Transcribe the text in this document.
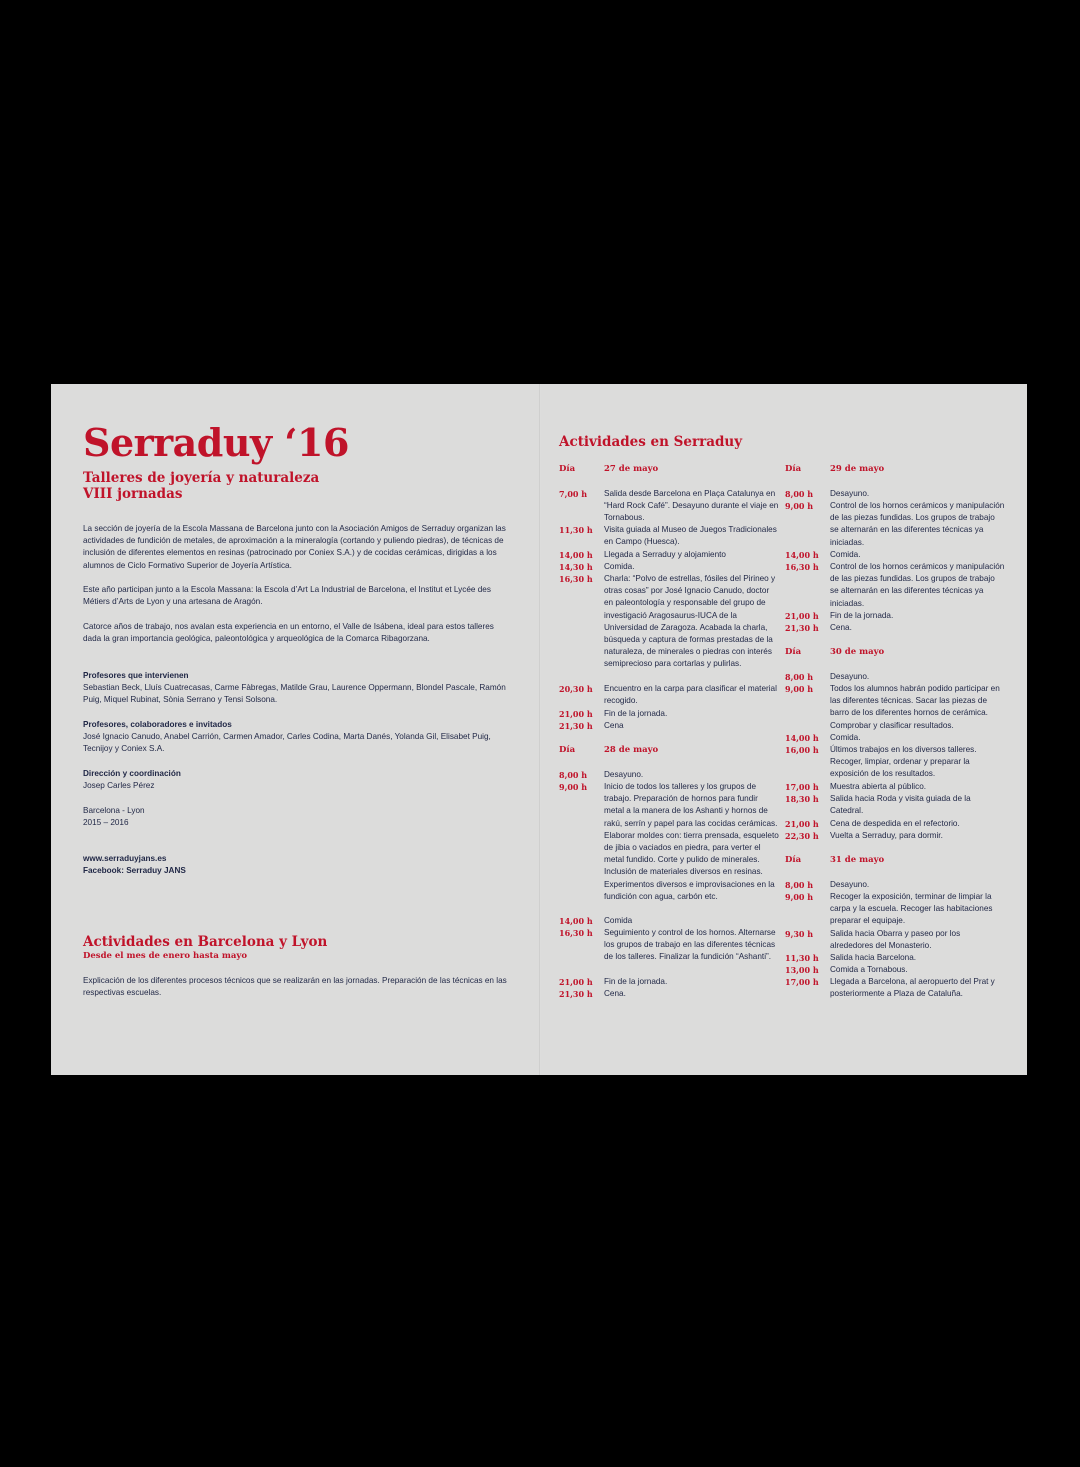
Serraduy ‘16
Talleres de joyería y naturaleza
VIII jornadas

La sección de joyería de la Escola Massana de Barcelona junto con la Asociación Amigos de Serraduy organizan las actividades de fundición de metales, de aproximación a la mineralogía (cortando y puliendo piedras), de técnicas de inclusión de diferentes elementos en resinas (patrocinado por Coniex S.A.) y de cocidas cerámicas, dirigidas a los alumnos de Ciclo Formativo Superior de Joyería Artística.

Este año participan junto a la Escola Massana: la Escola d’Art La Industrial de Barcelona, el Institut et Lycée des Métiers d’Arts de Lyon y una artesana de Aragón.

Catorce años de trabajo, nos avalan esta experiencia en un entorno, el Valle de Isábena, ideal para estos talleres dada la gran importancia geológica, paleontológica y arqueológica de la Comarca Ribagorzana.

Profesores que intervienen
Sebastian Beck, Lluís Cuatrecasas, Carme Fàbregas, Matilde Grau, Laurence Oppermann, Blondel Pascale, Ramón Puig, Miquel Rubinat, Sònia Serrano y Tensi Solsona.
Profesores, colaboradores e invitados
José Ignacio Canudo, Anabel Carrión, Carmen Amador, Carles Codina, Marta Danés, Yolanda Gil, Elisabet Puig, Tecnijoy y Coniex S.A.
Dirección y coordinación
Josep Carles Pérez
Barcelona - Lyon
2015 – 2016
www.serraduyjans.es
Facebook: Serraduy JANS
Actividades en Barcelona y Lyon
Desde el mes de enero hasta mayo

Explicación de los diferentes procesos técnicos que se realizarán en las jornadas. Preparación de las técnicas en las respectivas escuelas.

Actividades en Serraduy
Día	27 de mayo
7,00 h Salida desde Barcelona en Plaça Catalunya en “Hard Rock Café”. Desayuno durante el viaje en Tornabous.
11,30 h Visita guiada al Museo de Juegos Tradicionales en Campo (Huesca).
14,00 h Llegada a Serraduy y alojamiento
14,30 h Comida.
16,30 h Charla: “Polvo de estrellas, fósiles del Pirineo y otras cosas” por José Ignacio Canudo, doctor en paleontología y responsable del grupo de investigació Aragosaurus-IUCA de la Universidad de Zaragoza. Acabada la charla, búsqueda y captura de formas prestadas de la naturaleza, de minerales o piedras con interés semiprecioso para cortarlas y pulirlas.
20,30 h Encuentro en la carpa para clasificar el material recogido.
21,00 h Fin de la jornada.
21,30 h Cena
Día	28 de mayo
8,00 h Desayuno.
9,00 h Inicio de todos los talleres y los grupos de trabajo. Preparación de hornos para fundir metal a la manera de los Ashanti y hornos de rakú, serrín y papel para las cocidas cerámicas. Elaborar moldes con: tierra prensada, esqueleto de jibia o vaciados en piedra, para verter el metal fundido. Corte y pulido de minerales. Inclusión de materiales diversos en resinas. Experimentos diversos e improvisaciones en la fundición con agua, carbón etc.
14,00 h Comida
16,30 h Seguimiento y control de los hornos. Alternarse los grupos de trabajo en las diferentes técnicas de los talleres. Finalizar la fundición “Ashanti”.
21,00 h Fin de la jornada.
21,30 h Cena.
Día	29 de mayo
8,00 h Desayuno.
9,00 h Control de los hornos cerámicos y manipulación de las piezas fundidas. Los grupos de trabajo se alternarán en las diferentes técnicas ya iniciadas.
14,00 h Comida.
16,30 h Control de los hornos cerámicos y manipulación de las piezas fundidas. Los grupos de trabajo se alternarán en las diferentes técnicas ya iniciadas.
21,00 h Fin de la jornada.
21,30 h Cena.
Día	30 de mayo
8,00 h Desayuno.
9,00 h Todos los alumnos habrán podido participar en las diferentes técnicas. Sacar las piezas de barro de los diferentes hornos de cerámica. Comprobar y clasificar resultados.
14,00 h Comida.
16,00 h Últimos trabajos en los diversos talleres. Recoger, limpiar, ordenar y preparar la exposición de los resultados.
17,00 h Muestra abierta al público.
18,30 h Salida hacia Roda y visita guiada de la Catedral.
21,00 h Cena de despedida en el refectorio.
22,30 h Vuelta a Serraduy, para dormir.
Día	31 de mayo
8,00 h Desayuno.
9,00 h Recoger la exposición, terminar de limpiar la carpa y la escuela. Recoger las habitaciones preparar el equipaje.
9,30 h Salida hacia Obarra y paseo por los alrededores del Monasterio.
11,30 h Salida hacia Barcelona.
13,00 h Comida a Tornabous.
17,00 h Llegada a Barcelona, al aeropuerto del Prat y posteriormente a Plaza de Cataluña.
